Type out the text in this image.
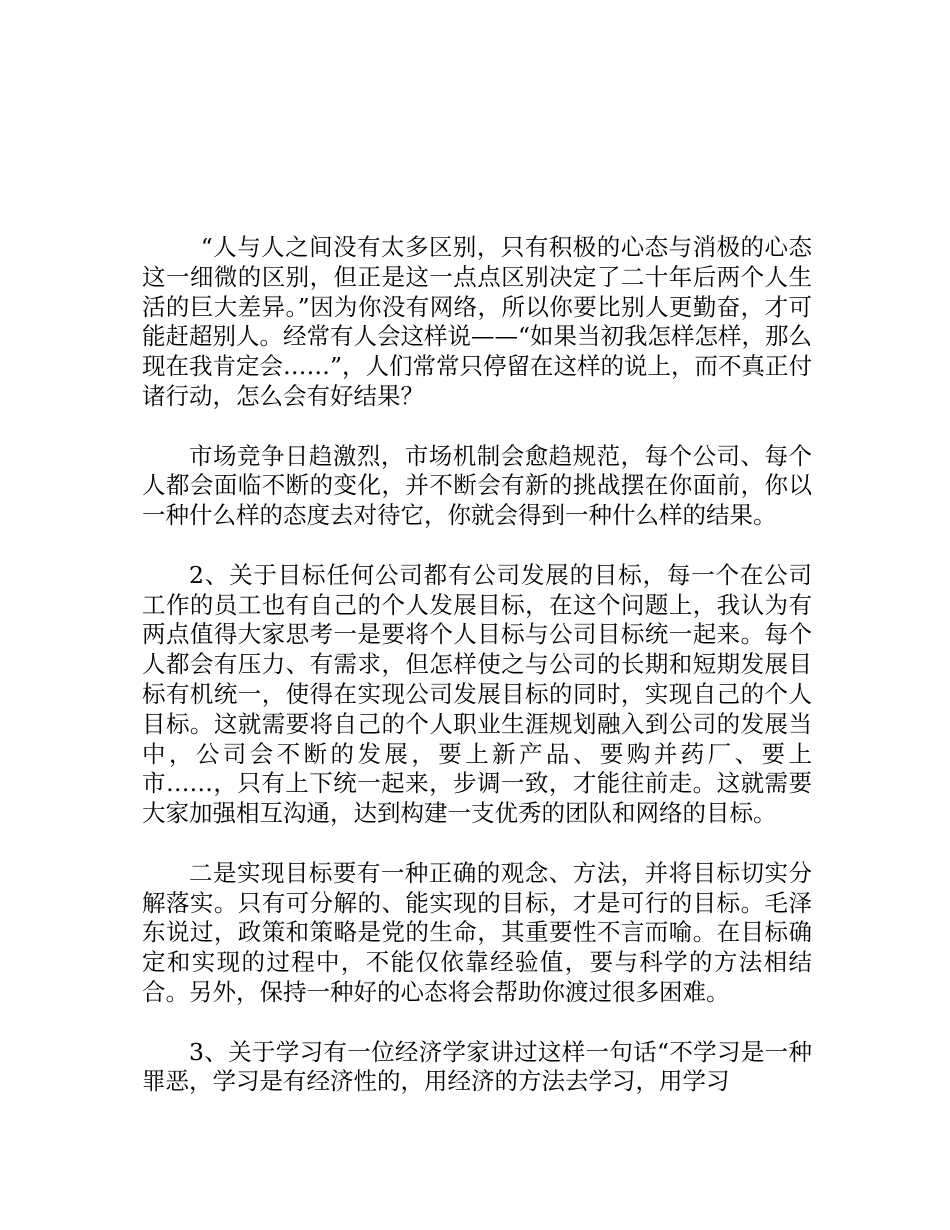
“人与人之间没有太多区别，只有积极的心态与消极的心态这一细微的区别，但正是这一点点区别决定了二十年后两个人生活的巨大差异。”因为你没有网络，所以你要比别人更勤奋，才可能赶超别人。经常有人会这样说——“如果当初我怎样怎样，那么现在我肯定会……”，人们常常只停留在这样的说上，而不真正付诸行动，怎么会有好结果？

市场竞争日趋激烈，市场机制会愈趋规范，每个公司、每个人都会面临不断的变化，并不断会有新的挑战摆在你面前，你以一种什么样的态度去对待它，你就会得到一种什么样的结果。

2、关于目标任何公司都有公司发展的目标，每一个在公司工作的员工也有自己的个人发展目标，在这个问题上，我认为有两点值得大家思考一是要将个人目标与公司目标统一起来。每个人都会有压力、有需求，但怎样使之与公司的长期和短期发展目标有机统一，使得在实现公司发展目标的同时，实现自己的个人目标。这就需要将自己的个人职业生涯规划融入到公司的发展当中，公司会不断的发展，要上新产品、要购并药厂、要上市……，只有上下统一起来，步调一致，才能往前走。这就需要大家加强相互沟通，达到构建一支优秀的团队和网络的目标。

二是实现目标要有一种正确的观念、方法，并将目标切实分解落实。只有可分解的、能实现的目标，才是可行的目标。毛泽东说过，政策和策略是党的生命，其重要性不言而喻。在目标确定和实现的过程中，不能仅依靠经验值，要与科学的方法相结合。另外，保持一种好的心态将会帮助你渡过很多困难。

3、关于学习有一位经济学家讲过这样一句话“不学习是一种罪恶，学习是有经济性的，用经济的方法去学习，用学习
